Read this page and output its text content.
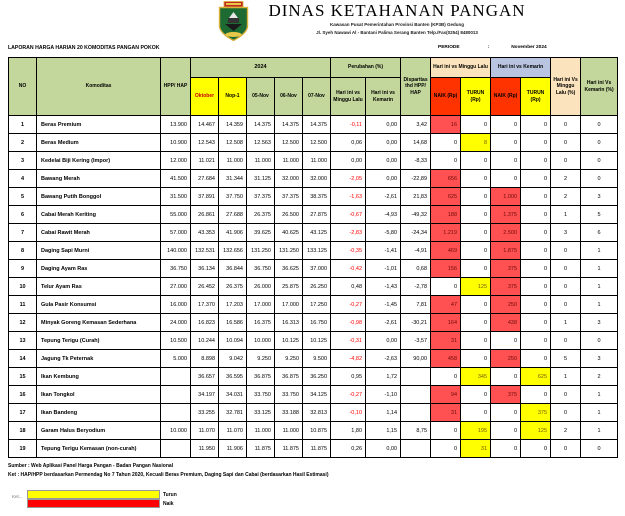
DINAS KETAHANAN PANGAN
Kawasan Pusat Pemerintahan Provinsi Banten (KP3B) Gedung
Jl. Syeh Nawawi Al - Bantani Palima Serang Banten Telp./Fax(0254) 8480013
LAPORAN HARGA HARIAN 20 KOMODITAS PANGAN POKOK	PERIODE	:	November 2024
NO	Komoditas	HPP/ HAP	2024					Perubahan (%)		Disparitas thd HPP/ HAP	Hari ini vs Minggu Lalu		Hari ini vs Kemarin		Hari ini Vs Minggu Lalu (%)	Hari ini Vs Kemarin (%)
			Oktober	Nop-1	05-Nov	06-Nov	07-Nov	Hari ini vs Minggu Lalu	Hari ini vs Kemarin		NAIK (Rp)	TURUN (Rp)	NAIK (Rp)	TURUN (Rp)		
1	Beras Premium	13.900	14.467	14.359	14.375	14.375	14.375	-0,11	0,00	3,42	16	0	0	0	0	0
2	Beras Medium	10.900	12.543	12.508	12.563	12.500	12.500	0,06	0,00	14,68	0	8	0	0	0	0
3	Kedelai Biji Kering (Impor)	12.000	11.021	11.000	11.000	11.000	11.000	0,00	0,00	-8,33	0	0	0	0	0	0
4	Bawang Merah	41.500	27.684	31.344	31.125	32.000	32.000	-2,05	0,00	-22,89	656	0	0	0	2	0
5	Bawang Putih Bonggol	31.500	37.891	37.750	37.375	37.375	38.375	-1,63	-2,61	21,83	625	0	1.000	0	2	3
6	Cabai Merah Keriting	55.000	26.861	27.688	26.375	26.500	27.875	-0,67	-4,93	-49,32	188	0	1.375	0	1	5
7	Cabai Rawit Merah	57.000	43.353	41.906	39.625	40.625	43.125	-2,83	-5,80	-24,34	1.219	0	2.500	0	3	6
8	Daging Sapi Murni	140.000	132.531	132.656	131.250	131.250	133.125	-0,35	-1,41	-4,91	469	0	1.875	0	0	1
9	Daging Ayam Ras	36.750	36.134	36.844	36.750	36.625	37.000	-0,42	-1,01	0,68	156	0	375	0	0	1
10	Telur Ayam Ras	27.000	26.452	26.375	26.000	25.875	26.250	0,48	-1,43	-2,78	0	125	375	0	0	1
11	Gula Pasir Konsumsi	16.000	17.370	17.203	17.000	17.000	17.250	-0,27	-1,45	7,81	47	0	250	0	0	1
12	Minyak Goreng Kemasan Sederhana	24.000	16.823	16.586	16.375	16.313	16.750	-0,98	-2,61	-30,21	164	0	438	0	1	3
13	Tepung Terigu (Curah)	10.500	10.244	10.094	10.000	10.125	10.125	-0,31	0,00	-3,57	31	0	0	0	0	0
14	Jagung Tk Peternak	5.000	8.898	9.042	9.250	9.250	9.500	-4,82	-2,63	90,00	458	0	250	0	5	3
15	Ikan Kembung		36.657	36.595	36.875	36.875	36.250	0,95	1,72		0	345	0	625	1	2
16	Ikan Tongkol		34.197	34.031	33.750	33.750	34.125	-0,27	-1,10		94	0	375	0	0	1
17	Ikan Bandeng		33.255	32.781	33.125	33.188	32.813	-0,10	1,14		31	0	0	375	0	1
18	Garam Halus Beryodium	10.000	11.070	11.070	11.000	11.000	10.875	1,80	1,15	8,75	0	195	0	125	2	1
19	Tepung Terigu Kemasan (non-curah)		11.950	11.906	11.875	11.875	11.875	0,26	0,00		0	31	0	0	0	0
Sumber : Web Aplikasi Panel Harga Pangan - Badan Pangan Nasional
Ket : HAP/HPP berdasarkan Permendag No 7 Tahun 2020, Kecuali Beras Premium, Daging Sapi dan Cabai (berdasarkan Hasil Estimasi)
Ket...	Turun
Naik
